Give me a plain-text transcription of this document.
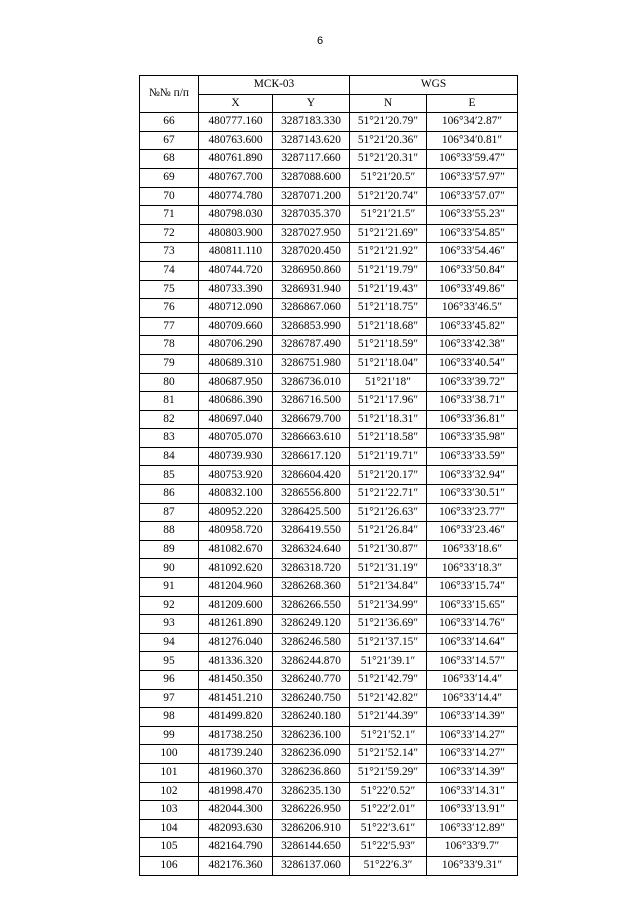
6
№№ п/п	МСК-03		WGS	
	X	Y	N	E
66	480777.160	3287183.330	51°21′20.79″	106°34′2.87″
67	480763.600	3287143.620	51°21′20.36″	106°34′0.81″
68	480761.890	3287117.660	51°21′20.31″	106°33′59.47″
69	480767.700	3287088.600	51°21′20.5″	106°33′57.97″
70	480774.780	3287071.200	51°21′20.74″	106°33′57.07″
71	480798.030	3287035.370	51°21′21.5″	106°33′55.23″
72	480803.900	3287027.950	51°21′21.69″	106°33′54.85″
73	480811.110	3287020.450	51°21′21.92″	106°33′54.46″
74	480744.720	3286950.860	51°21′19.79″	106°33′50.84″
75	480733.390	3286931.940	51°21′19.43″	106°33′49.86″
76	480712.090	3286867.060	51°21′18.75″	106°33′46.5″
77	480709.660	3286853.990	51°21′18.68″	106°33′45.82″
78	480706.290	3286787.490	51°21′18.59″	106°33′42.38″
79	480689.310	3286751.980	51°21′18.04″	106°33′40.54″
80	480687.950	3286736.010	51°21′18″	106°33′39.72″
81	480686.390	3286716.500	51°21′17.96″	106°33′38.71″
82	480697.040	3286679.700	51°21′18.31″	106°33′36.81″
83	480705.070	3286663.610	51°21′18.58″	106°33′35.98″
84	480739.930	3286617.120	51°21′19.71″	106°33′33.59″
85	480753.920	3286604.420	51°21′20.17″	106°33′32.94″
86	480832.100	3286556.800	51°21′22.71″	106°33′30.51″
87	480952.220	3286425.500	51°21′26.63″	106°33′23.77″
88	480958.720	3286419.550	51°21′26.84″	106°33′23.46″
89	481082.670	3286324.640	51°21′30.87″	106°33′18.6″
90	481092.620	3286318.720	51°21′31.19″	106°33′18.3″
91	481204.960	3286268.360	51°21′34.84″	106°33′15.74″
92	481209.600	3286266.550	51°21′34.99″	106°33′15.65″
93	481261.890	3286249.120	51°21′36.69″	106°33′14.76″
94	481276.040	3286246.580	51°21′37.15″	106°33′14.64″
95	481336.320	3286244.870	51°21′39.1″	106°33′14.57″
96	481450.350	3286240.770	51°21′42.79″	106°33′14.4″
97	481451.210	3286240.750	51°21′42.82″	106°33′14.4″
98	481499.820	3286240.180	51°21′44.39″	106°33′14.39″
99	481738.250	3286236.100	51°21′52.1″	106°33′14.27″
100	481739.240	3286236.090	51°21′52.14″	106°33′14.27″
101	481960.370	3286236.860	51°21′59.29″	106°33′14.39″
102	481998.470	3286235.130	51°22′0.52″	106°33′14.31″
103	482044.300	3286226.950	51°22′2.01″	106°33′13.91″
104	482093.630	3286206.910	51°22′3.61″	106°33′12.89″
105	482164.790	3286144.650	51°22′5.93″	106°33′9.7″
106	482176.360	3286137.060	51°22′6.3″	106°33′9.31″
